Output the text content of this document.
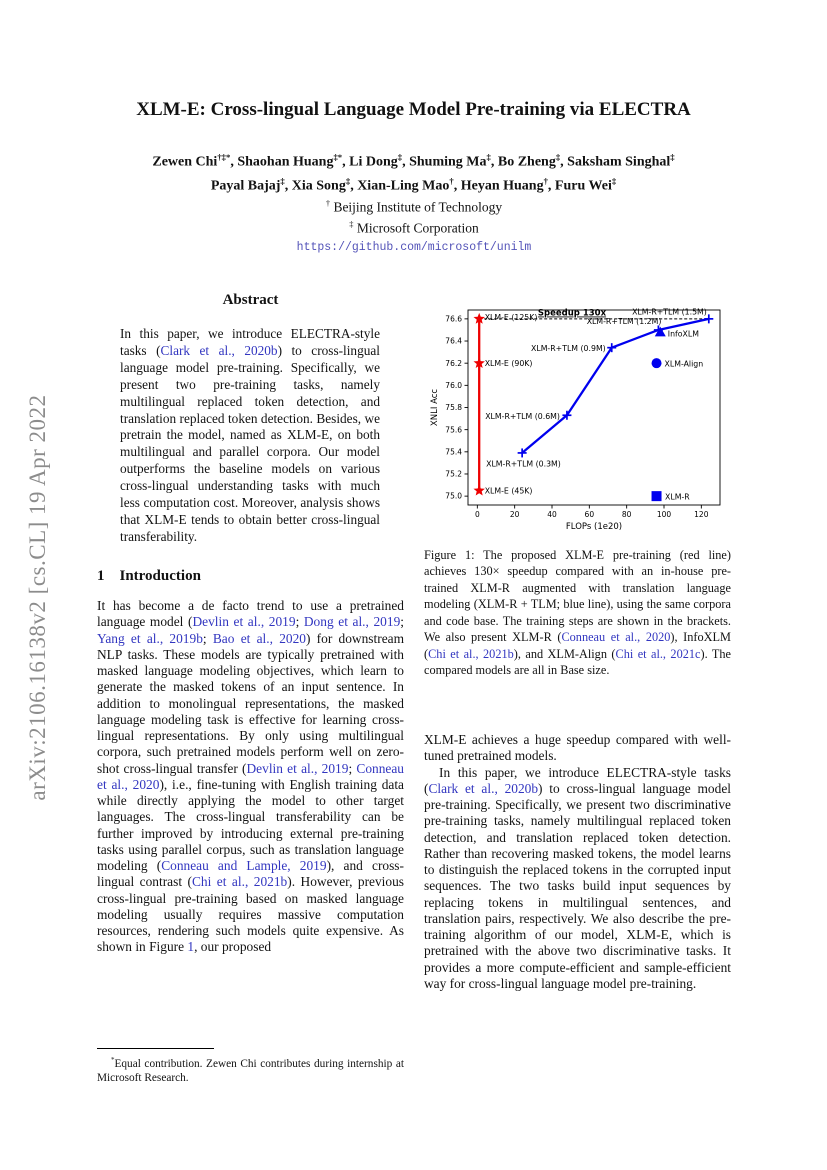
arXiv:2106.16138v2 [cs.CL] 19 Apr 2022
XLM-E: Cross-lingual Language Model Pre-training via ELECTRA
Zewen Chi†‡*, Shaohan Huang‡*, Li Dong‡, Shuming Ma‡, Bo Zheng‡, Saksham Singhal‡
Payal Bajaj‡, Xia Song‡, Xian-Ling Mao†, Heyan Huang†, Furu Wei‡
† Beijing Institute of Technology
‡ Microsoft Corporation
https://github.com/microsoft/unilm
Abstract

In this paper, we introduce ELECTRA-style tasks (Clark et al., 2020b) to cross-lingual language model pre-training. Specifically, we present two pre-training tasks, namely multilingual replaced token detection, and translation replaced token detection. Besides, we pretrain the model, named as XLM-E, on both multilingual and parallel corpora. Our model outperforms the baseline models on various cross-lingual understanding tasks with much less computation cost. Moreover, analysis shows that XLM-E tends to obtain better cross-lingual transferability.

1 Introduction

It has become a de facto trend to use a pretrained language model (Devlin et al., 2019; Dong et al., 2019; Yang et al., 2019b; Bao et al., 2020) for downstream NLP tasks. These models are typically pretrained with masked language modeling objectives, which learn to generate the masked tokens of an input sentence. In addition to monolingual representations, the masked language modeling task is effective for learning cross-lingual representations. By only using multilingual corpora, such pretrained models perform well on zero-shot cross-lingual transfer (Devlin et al., 2019; Conneau et al., 2020), i.e., fine-tuning with English training data while directly applying the model to other target languages. The cross-lingual transferability can be further improved by introducing external pre-training tasks using parallel corpus, such as translation language modeling (Conneau and Lample, 2019), and cross-lingual contrast (Chi et al., 2021b). However, previous cross-lingual pre-training based on masked language modeling usually requires massive computation resources, rendering such models quite expensive. As shown in Figure 1, our proposed

*Equal contribution. Zewen Chi contributes during internship at Microsoft Research.

0	20	40	60	80	100	120
75.0
75.2
75.4
75.6
75.8
76.0
76.2
76.4
76.6
FLOPs (1e20)
XNLI Acc
Speedup 130x
XLM-E (45K)
XLM-E (90K)
XLM-E (125K)
XLM-R+TLM (0.3M)
XLM-R+TLM (0.6M)
XLM-R+TLM (0.9M)
XLM-R+TLM (1.2M)
XLM-R+TLM (1.5M)
InfoXLM
XLM-Align
XLM-R
Figure 1: The proposed XLM-E pre-training (red line) achieves 130× speedup compared with an in-house pre-trained XLM-R augmented with translation language modeling (XLM-R + TLM; blue line), using the same corpora and code base. The training steps are shown in the brackets. We also present XLM-R (Conneau et al., 2020), InfoXLM (Chi et al., 2021b), and XLM-Align (Chi et al., 2021c). The compared models are all in Base size.

XLM-E achieves a huge speedup compared with well-tuned pretrained models.

In this paper, we introduce ELECTRA-style tasks (Clark et al., 2020b) to cross-lingual language model pre-training. Specifically, we present two discriminative pre-training tasks, namely multilingual replaced token detection, and translation replaced token detection. Rather than recovering masked tokens, the model learns to distinguish the replaced tokens in the corrupted input sequences. The two tasks build input sequences by replacing tokens in multilingual sentences, and translation pairs, respectively. We also describe the pre-training algorithm of our model, XLM-E, which is pretrained with the above two discriminative tasks. It provides a more compute-efficient and sample-efficient way for cross-lingual language model pre-training.
